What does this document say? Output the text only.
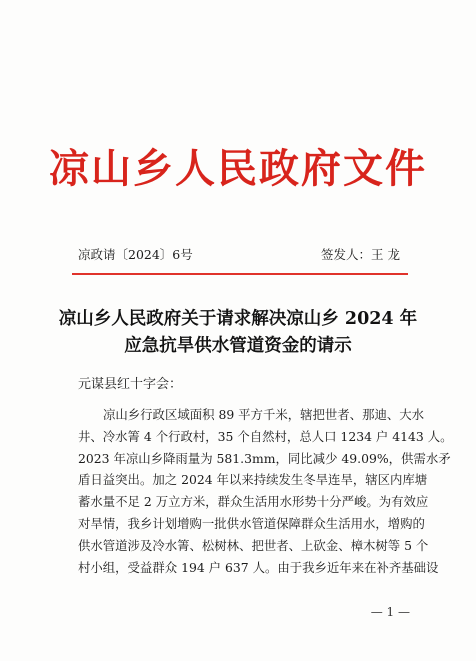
凉山乡人民政府文件
凉政请〔2024〕6号	签发人：王 龙
凉山乡人民政府关于请求解决凉山乡 2024 年
应急抗旱供水管道资金的请示
元谋县红十字会：
凉山乡行政区域面积 89 平方千米，辖把世者、那迪、大水
井、冷水箐 4 个行政村，35 个自然村，总人口 1234 户 4143 人。
2023 年凉山乡降雨量为 581.3mm，同比减少 49.09%，供需水矛
盾日益突出。加之 2024 年以来持续发生冬旱连旱，辖区内库塘
蓄水量不足 2 万立方米，群众生活用水形势十分严峻。为有效应
对旱情，我乡计划增购一批供水管道保障群众生活用水，增购的
供水管道涉及冷水箐、松树林、把世者、上砍金、樟木树等 5 个
村小组，受益群众 194 户 637 人。由于我乡近年来在补齐基础设
— 1 —
